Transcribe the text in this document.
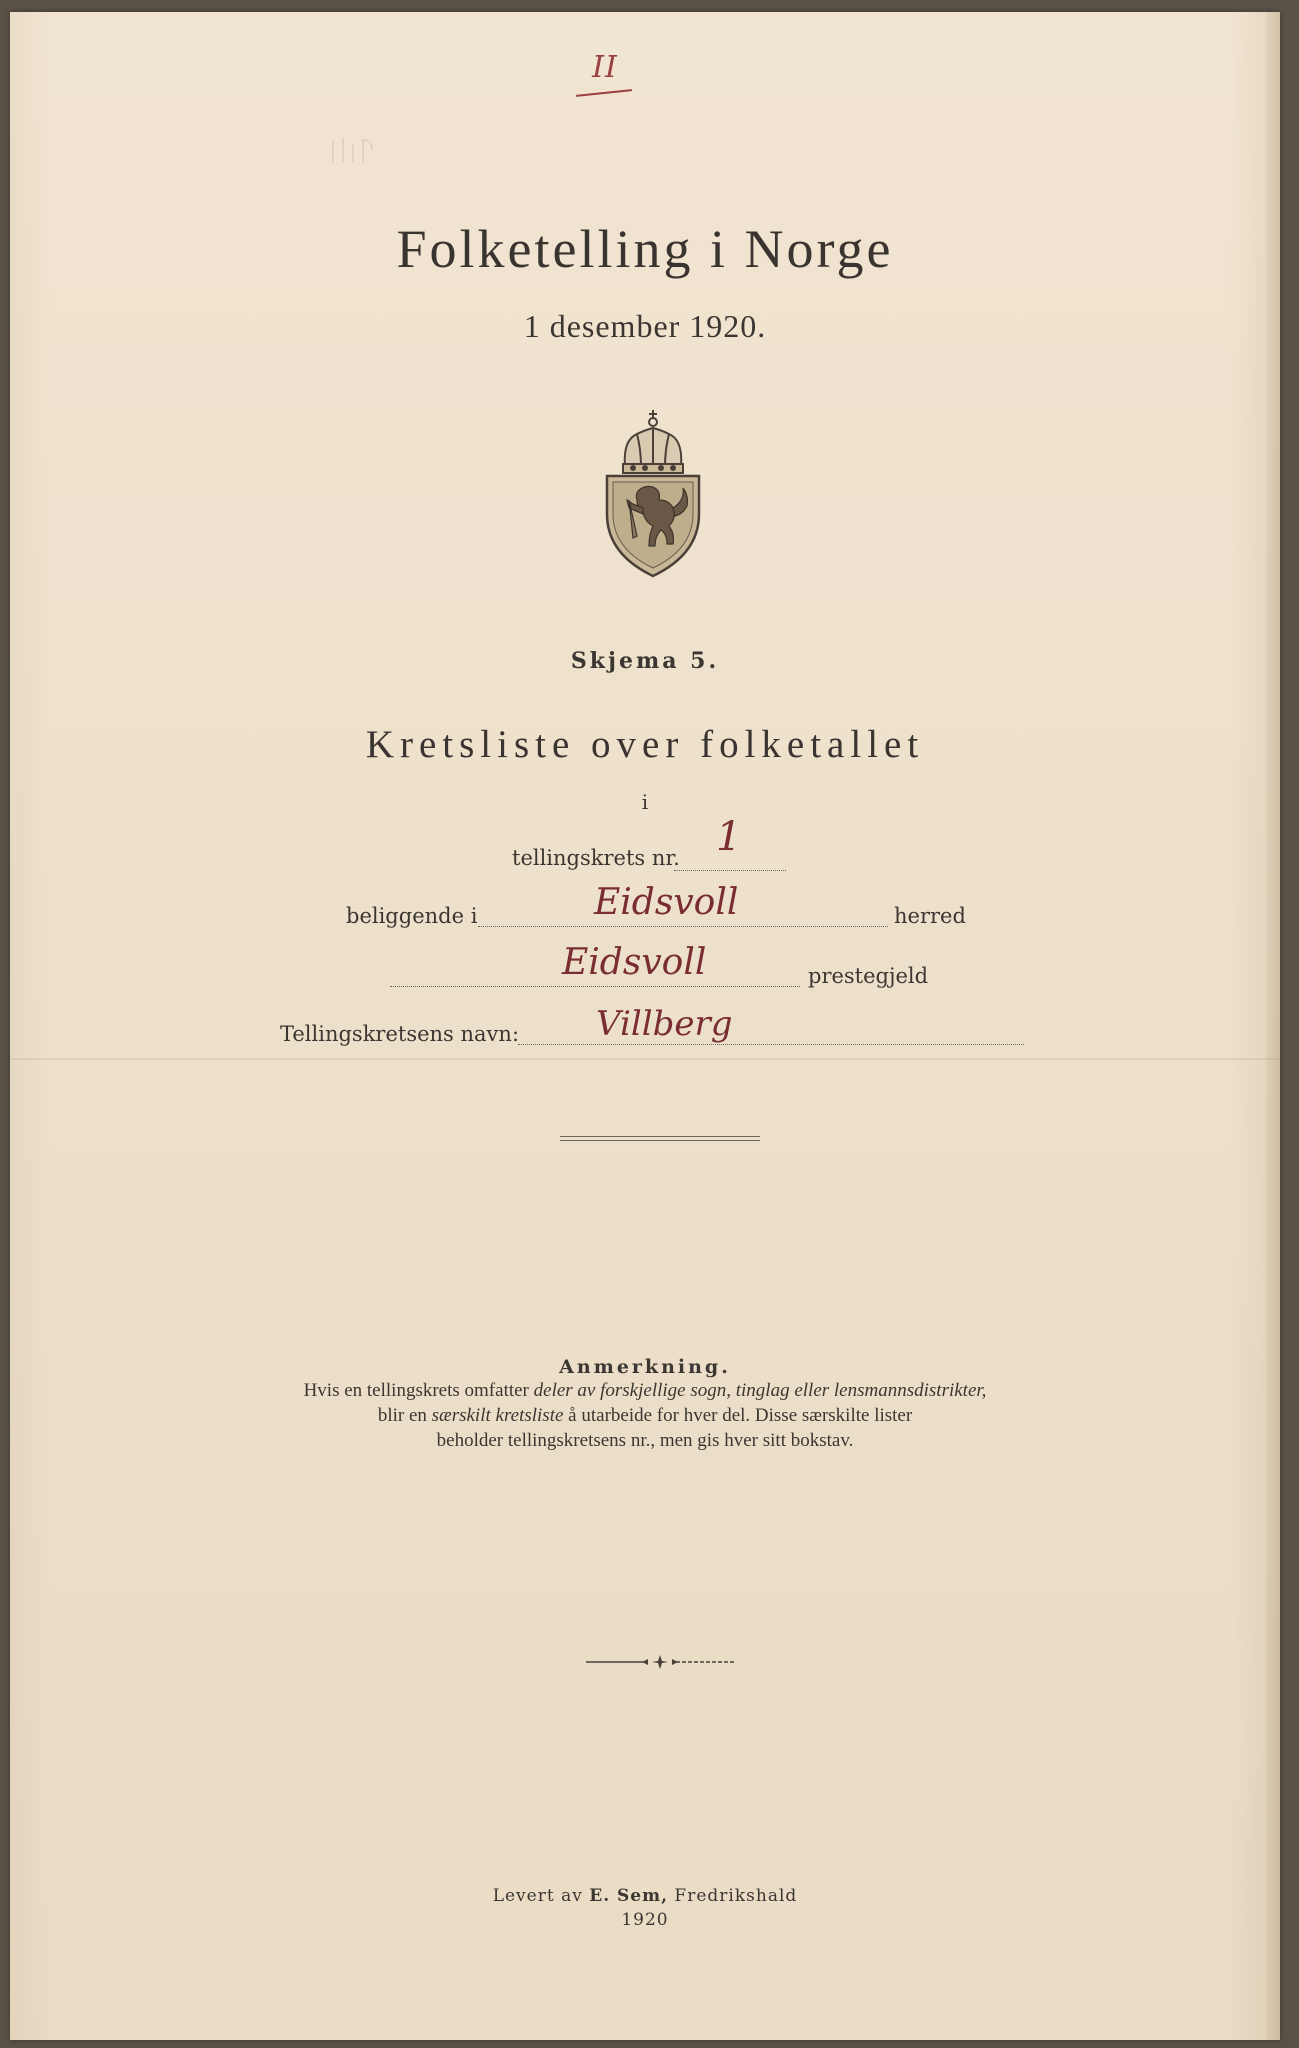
II
Folketelling i Norge
1 desember 1920.
Skjema 5.
Kretsliste over folketallet
i
tellingskrets nr. 1
beliggende i	Eidsvoll	herred
Eidsvoll	prestegjeld
Tellingskretsens navn: Villberg
Anmerkning.
Hvis en tellingskrets omfatter deler av forskjellige sogn, tinglag eller lensmannsdistrikter,
blir en særskilt kretsliste å utarbeide for hver del. Disse særskilte lister
beholder tellingskretsens nr., men gis hver sitt bokstav.
Levert av E. Sem, Fredrikshald
1920
